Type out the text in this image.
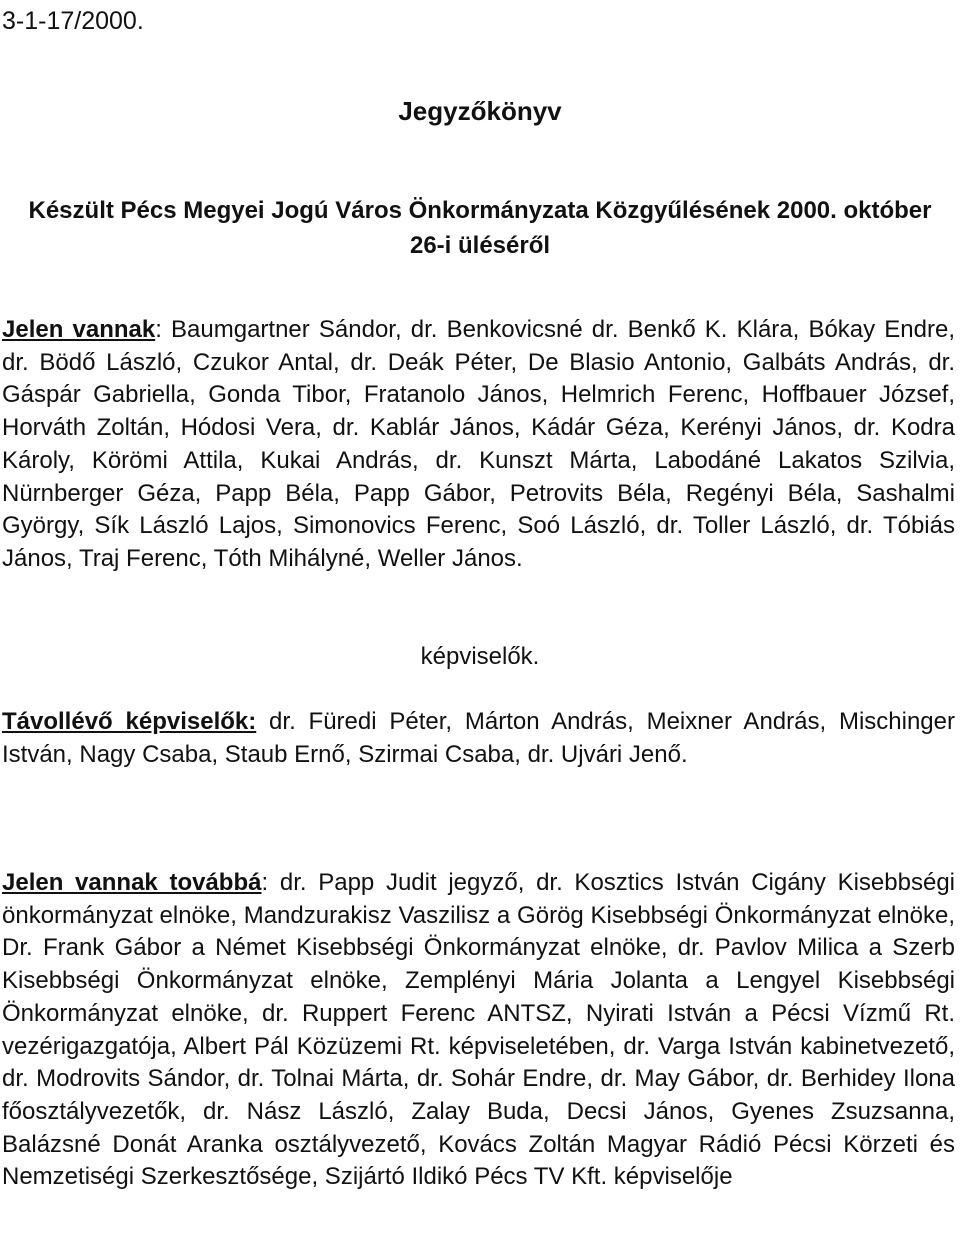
3-1-17/2000.

Jegyzőkönyv

Készült Pécs Megyei Jogú Város Önkormányzata Közgyűlésének 2000. október 26-i üléséről

Jelen vannak: Baumgartner Sándor, dr. Benkovicsné dr. Benkő K. Klára, Bókay Endre, dr. Bödő László, Czukor Antal, dr. Deák Péter, De Blasio Antonio, Galbáts András, dr. Gáspár Gabriella, Gonda Tibor, Fratanolo János, Helmrich Ferenc, Hoffbauer József, Horváth Zoltán, Hódosi Vera, dr. Kablár János, Kádár Géza, Kerényi János, dr. Kodra Károly, Körömi Attila, Kukai András, dr. Kunszt Márta, Labodáné Lakatos Szilvia, Nürnberger Géza, Papp Béla, Papp Gábor, Petrovits Béla, Regényi Béla, Sashalmi György, Sík László Lajos, Simonovics Ferenc, Soó László, dr. Toller László, dr. Tóbiás János, Traj Ferenc, Tóth Mihályné, Weller János.

képviselők.

Távollévő képviselők: dr. Füredi Péter, Márton András, Meixner András, Mischinger István, Nagy Csaba, Staub Ernő, Szirmai Csaba, dr. Ujvári Jenő.

Jelen vannak továbbá: dr. Papp Judit jegyző, dr. Kosztics István Cigány Kisebbségi önkormányzat elnöke, Mandzurakisz Vaszilisz a Görög Kisebbségi Önkormányzat elnöke, Dr. Frank Gábor a Német Kisebbségi Önkormányzat elnöke, dr. Pavlov Milica a Szerb Kisebbségi Önkormányzat elnöke, Zemplényi Mária Jolanta a Lengyel Kisebbségi Önkormányzat elnöke, dr. Ruppert Ferenc ANTSZ, Nyirati István a Pécsi Vízmű Rt. vezérigazgatója, Albert Pál Közüzemi Rt. képviseletében, dr. Varga István kabinetvezető, dr. Modrovits Sándor, dr. Tolnai Márta, dr. Sohár Endre, dr. May Gábor, dr. Berhidey Ilona főosztályvezetők, dr. Nász László, Zalay Buda, Decsi János, Gyenes Zsuzsanna, Balázsné Donát Aranka osztályvezető, Kovács Zoltán Magyar Rádió Pécsi Körzeti és Nemzetiségi Szerkesztősége, Szijártó Ildikó Pécs TV Kft. képviselője
